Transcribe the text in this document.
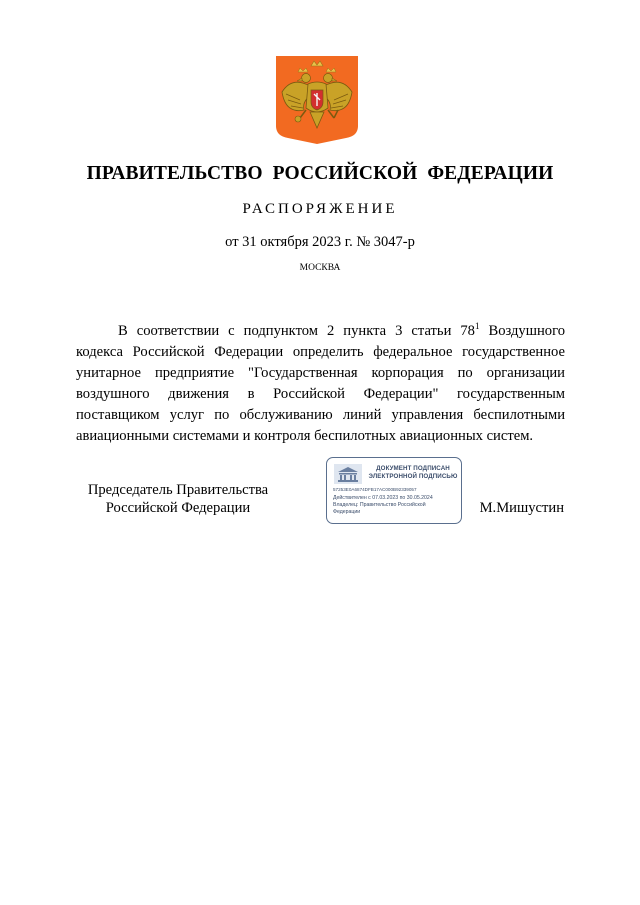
ПРАВИТЕЛЬСТВО  РОССИЙСКОЙ  ФЕДЕРАЦИИ
РАСПОРЯЖЕНИЕ
от 31 октября 2023 г. № 3047-р
МОСКВА
В соответствии с подпунктом 2 пункта 3 статьи $78^1$ Воздушного кодекса Российской Федерации определить федеральное государственное унитарное предприятие "Государственная корпорация по организации воздушного движения в Российской Федерации" государственным поставщиком услуг по обслуживанию линий управления беспилотными авиационными системами и контроля беспилотных авиационных систем.
Председатель Правительства
Российской Федерации
ДОКУМЕНТ ПОДПИСАН
ЭЛЕКТРОННОЙ ПОДПИСЬЮ
57253E0A6874DFB17AC000B92339057
Действителен с 07.03.2023 по 30.05.2024
Владелец: Правительство Российской Федерации	М.Мишустин
